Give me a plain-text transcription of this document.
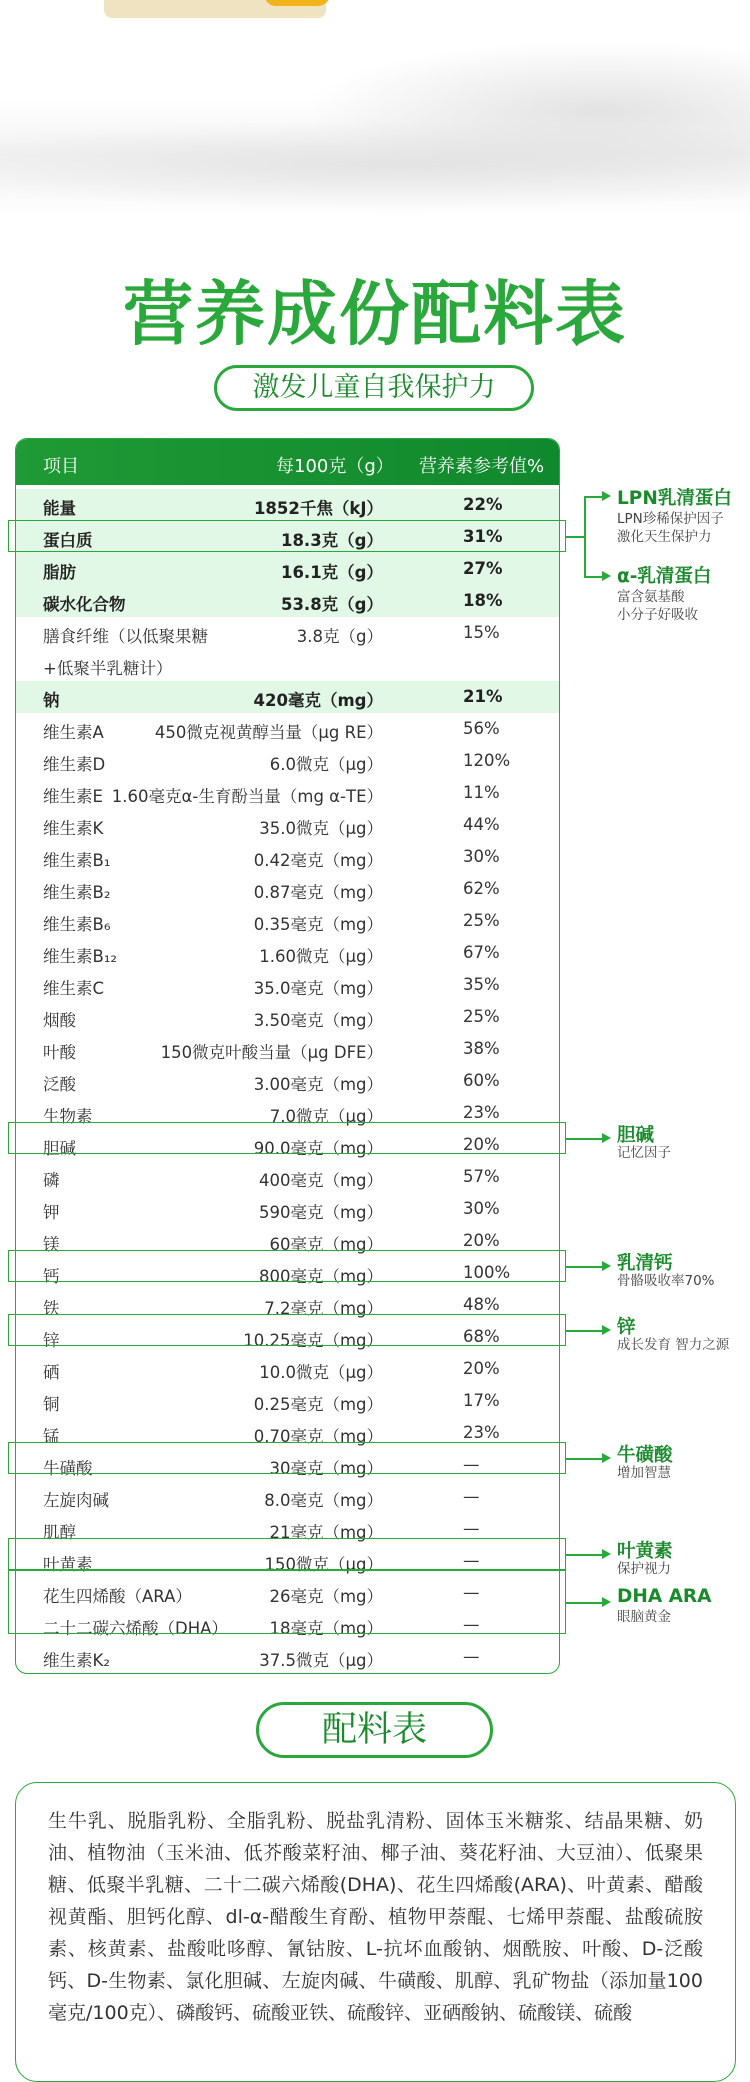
营养成份配料表
激发儿童自我保护力
项目	每100克（g） 营养素参考值%
能量	1852千焦（kJ）	22%
蛋白质	18.3克（g）	31%
脂肪	16.1克（g）	27%
碳水化合物	53.8克（g）	18%
膳食纤维（以低聚果糖
+低聚半乳糖计）
3.8克（g）	15%
钠	420毫克（mg）	21%
维生素A	450微克视黄醇当量（μg RE）	56%
维生素D	6.0微克（μg）	120%
维生素E 1.60毫克α-生育酚当量（mg α-TE）	11%
维生素K	35.0微克（μg）	44%
维生素B₁	0.42毫克（mg）	30%
维生素B₂	0.87毫克（mg）	62%
维生素B₆	0.35毫克（mg）	25%
维生素B₁₂	1.60微克（μg）	67%
维生素C	35.0毫克（mg）	35%
烟酸	3.50毫克（mg）	25%
叶酸	150微克叶酸当量（μg DFE）	38%
泛酸	3.00毫克（mg）	60%
生物素	7.0微克（μg）	23%
胆碱	90.0毫克（mg）	20%
磷	400毫克（mg）	57%
钾	590毫克（mg）	30%
镁	60毫克（mg）	20%
钙	800毫克（mg）	100%
铁	7.2毫克（mg）	48%
锌	10.25毫克（mg）	68%
硒	10.0微克（μg）	20%
铜	0.25毫克（mg）	17%
锰	0.70毫克（mg）	23%
牛磺酸	30毫克（mg）	—
左旋肉碱	8.0毫克（mg）	—
肌醇	21毫克（mg）	—
叶黄素	150微克（μg）	—
花生四烯酸（ARA）	26毫克（mg）	—
二十二碳六烯酸（DHA）	18毫克（mg）	—
维生素K₂	37.5微克（μg）	—
LPN乳清蛋白
LPN珍稀保护因子
激化天生保护力
α-乳清蛋白
富含氨基酸
小分子好吸收
胆碱
记忆因子
乳清钙
骨骼吸收率70%
锌
成长发育 智力之源
牛磺酸
增加智慧
叶黄素
保护视力
DHA ARA
眼脑黄金
配料表
生牛乳、脱脂乳粉、全脂乳粉、脱盐乳清粉、固体玉米糖浆、结晶果糖、奶油、植物油（玉米油、低芥酸菜籽油、椰子油、葵花籽油、大豆油）、低聚果糖、低聚半乳糖、二十二碳六烯酸(DHA)、花生四烯酸(ARA)、叶黄素、醋酸视黄酯、胆钙化醇、dl-α-醋酸生育酚、植物甲萘醌、七烯甲萘醌、盐酸硫胺素、核黄素、盐酸吡哆醇、氰钴胺、L-抗坏血酸钠、烟酰胺、叶酸、D-泛酸钙、D-生物素、氯化胆碱、左旋肉碱、牛磺酸、肌醇、乳矿物盐（添加量100毫克/100克）、磷酸钙、硫酸亚铁、硫酸锌、亚硒酸钠、硫酸镁、硫酸
